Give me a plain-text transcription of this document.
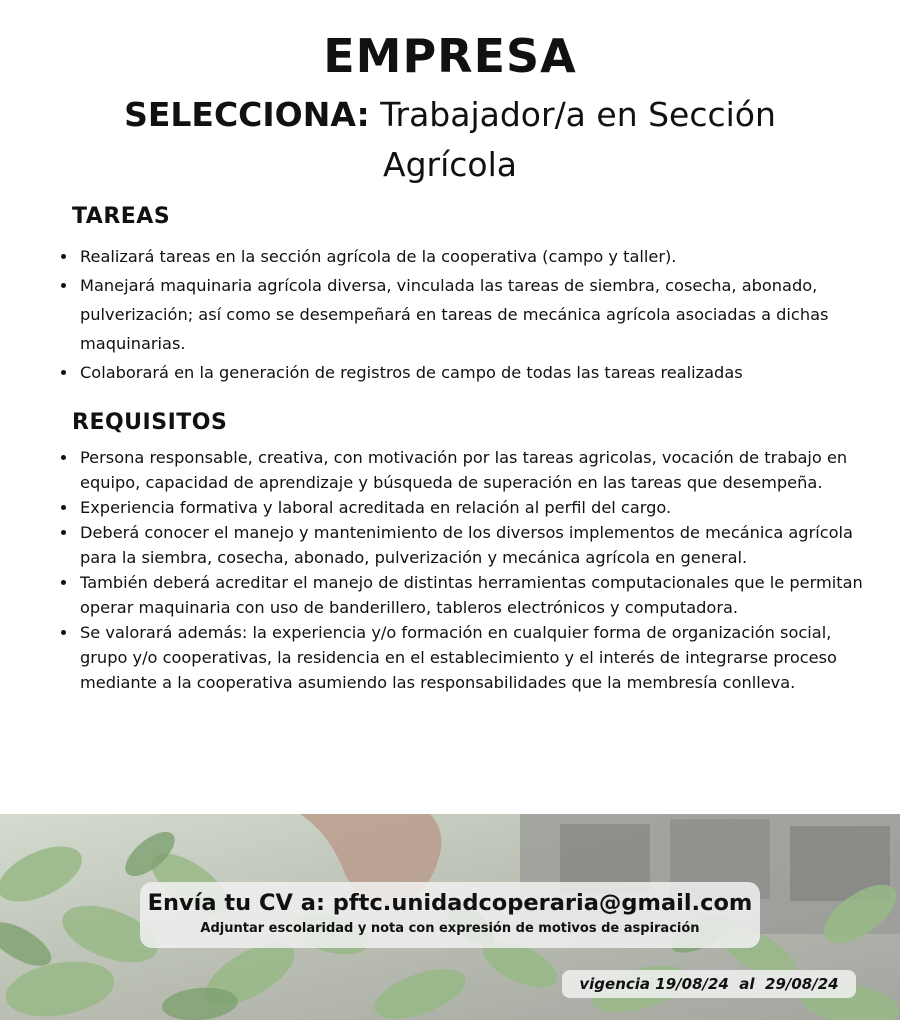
EMPRESA
SELECCIONA: Trabajador/a en Sección Agrícola
TAREAS
• Realizará tareas en la sección agrícola de la cooperativa (campo y taller).
• Manejará maquinaria agrícola diversa, vinculada las tareas de siembra, cosecha, abonado, pulverización; así como se desempeñará en tareas de mecánica agrícola asociadas a dichas maquinarias.
• Colaborará en la generación de registros de campo de todas las tareas realizadas
REQUISITOS
• Persona responsable, creativa, con motivación por las tareas agricolas, vocación de trabajo en equipo, capacidad de aprendizaje y búsqueda de superación en las tareas que desempeña.
• Experiencia formativa y laboral acreditada en relación al perfil del cargo.
• Deberá conocer el manejo y mantenimiento de los diversos implementos de mecánica agrícola para la siembra, cosecha, abonado, pulverización y mecánica agrícola en general.
• También deberá acreditar el manejo de distintas herramientas computacionales que le permitan operar maquinaria con uso de banderillero, tableros electrónicos y computadora.
• Se valorará además: la experiencia y/o formación en cualquier forma de organización social, grupo y/o cooperativas, la residencia en el establecimiento y el interés de integrarse proceso mediante a la cooperativa asumiendo las responsabilidades que la membresía conlleva.
Envía tu CV a: pftc.unidadcoperaria@gmail.com
Adjuntar escolaridad y nota con expresión de motivos de aspiración
vigencia 19/08/24  al  29/08/24
